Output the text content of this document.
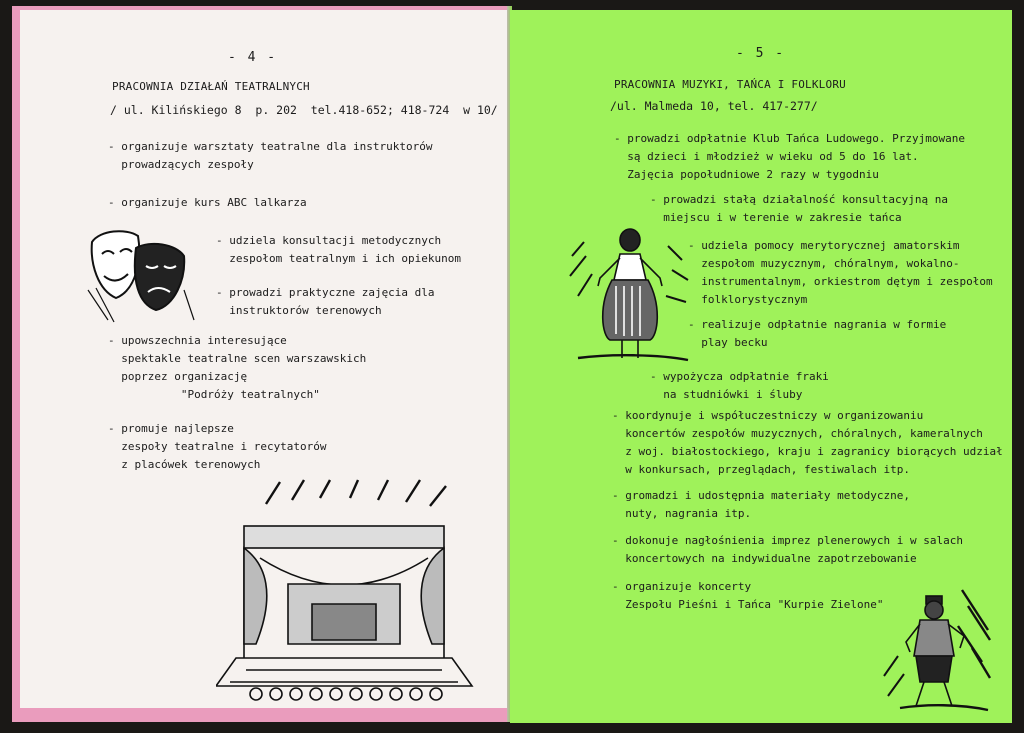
- 4 -
PRACOWNIA DZIAŁAŃ TEATRALNYCH
/ ul. Kilińskiego 8  p. 202  tel.418-652; 418-724  w 10/
- organizuje warsztaty teatralne dla instruktorów
prowadzących zespoły
- organizuje kurs ABC lalkarza
- udziela konsultacji metodycznych
zespołom teatralnym i ich opiekunom
- prowadzi praktyczne zajęcia dla
instruktorów terenowych
- upowszechnia interesujące
spektakle teatralne scen warszawskich
poprzez organizację
"Podróży teatralnych"
- promuje najlepsze
zespoły teatralne i recytatorów
z placówek terenowych
- 5 -
PRACOWNIA MUZYKI, TAŃCA I FOLKLORU
/ul. Malmeda 10, tel. 417-277/
- prowadzi odpłatnie Klub Tańca Ludowego. Przyjmowane
są dzieci i młodzież w wieku od 5 do 16 lat.
Zajęcia popołudniowe 2 razy w tygodniu
- prowadzi stałą działalność konsultacyjną na
miejscu i w terenie w zakresie tańca
- udziela pomocy merytorycznej amatorskim
zespołom muzycznym, chóralnym, wokalno-
instrumentalnym, orkiestrom dętym i zespołom
folklorystycznym
- realizuje odpłatnie nagrania w formie
play becku
- wypożycza odpłatnie fraki
na studniówki i śluby
- koordynuje i współuczestniczy w organizowaniu
koncertów zespołów muzycznych, chóralnych, kameralnych
z woj. białostockiego, kraju i zagranicy biorących udział
w konkursach, przeglądach, festiwalach itp.
- gromadzi i udostępnia materiały metodyczne,
nuty, nagrania itp.
- dokonuje nagłośnienia imprez plenerowych i w salach
koncertowych na indywidualne zapotrzebowanie
- organizuje koncerty
Zespołu Pieśni i Tańca "Kurpie Zielone"
